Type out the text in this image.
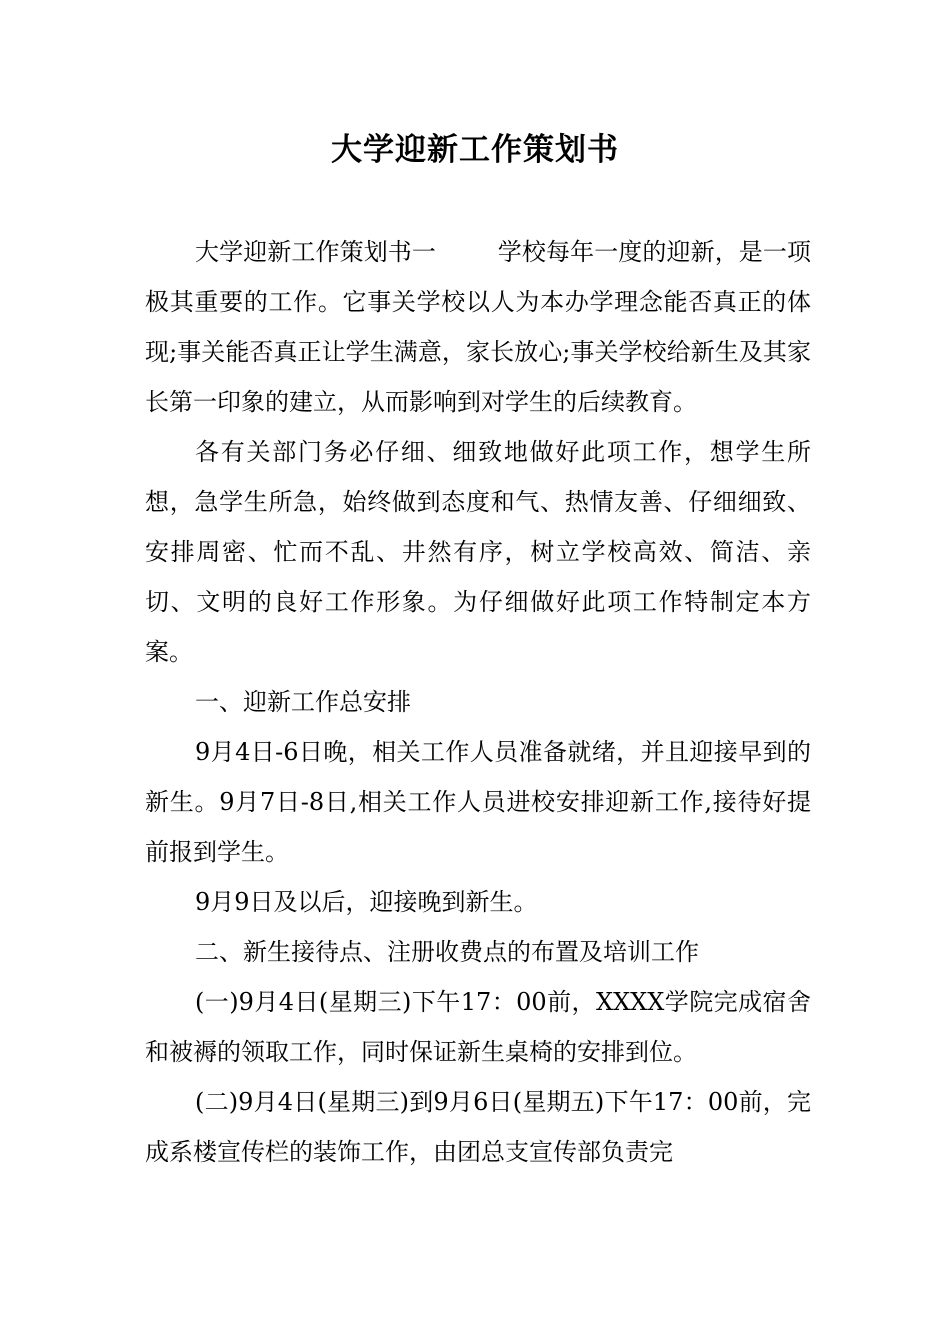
大学迎新工作策划书

大学迎新工作策划书一        学校每年一度的迎新，是一项极其重要的工作。它事关学校以人为本办学理念能否真正的体现;事关能否真正让学生满意，家长放心;事关学校给新生及其家长第一印象的建立，从而影响到对学生的后续教育。

各有关部门务必仔细、细致地做好此项工作，想学生所想，急学生所急，始终做到态度和气、热情友善、仔细细致、安排周密、忙而不乱、井然有序，树立学校高效、简洁、亲切、文明的良好工作形象。为仔细做好此项工作特制定本方案。

一、迎新工作总安排

9月4日-6日晚，相关工作人员准备就绪，并且迎接早到的新生。9月7日-8日,相关工作人员进校安排迎新工作,接待好提前报到学生。

9月9日及以后，迎接晚到新生。

二、新生接待点、注册收费点的布置及培训工作

(一)9月4日(星期三)下午17：00前，XXXX学院完成宿舍和被褥的领取工作，同时保证新生桌椅的安排到位。

(二)9月4日(星期三)到9月6日(星期五)下午17：00前，完成系楼宣传栏的装饰工作，由团总支宣传部负责完
